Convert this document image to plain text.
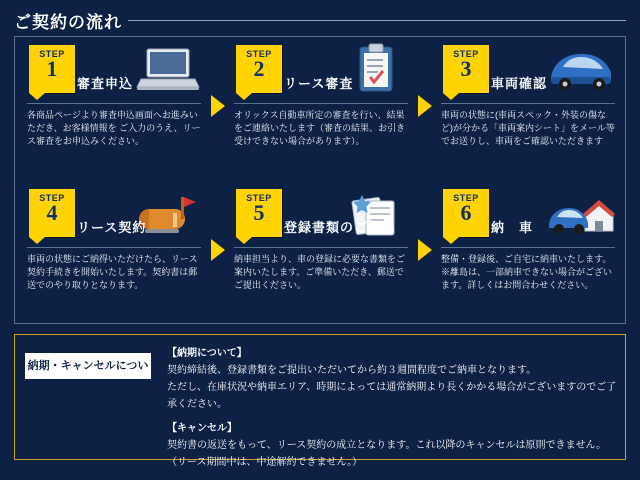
ご契約の流れ
STEP
1
審査申込
各商品ページより審査申込画面へお進みいただき、お客様情報を ご入力のうえ、リース審査をお申込みください。
STEP
2
リース審査
オリックス自動車所定の審査を行い、結果をご連絡いたします（審査の結果、お引き受けできない場合があります）。
STEP
3
車両確認
車両の状態に(車両スペック・外装の傷など)が分かる「車両案内シート」をメール等でお送りし、車両をご確認いただきます
STEP
4
リース契約
車両の状態にご納得いただけたら、リース契約手続きを開始いたします。契約書は郵送でのやり取りとなります。
STEP
5
登録書類のご提出
納車担当より、車の登録に必要な書類をご案内いたします。ご準備いただき、郵送でご提出ください。
STEP
6
納　車
整備・登録後、ご自宅に納車いたします。※離島は、一部納車できない場合がございます。詳しくはお問合わせください。
納期・キャンセルについて

【納期について】

契約締結後、登録書類をご提出いただいてから約３週間程度でご納車となります。

ただし、在庫状況や納車エリア、時期によっては通常納期より長くかかる場合がございますのでご了承ください。

【キャンセル】

契約書の返送をもって、リース契約の成立となります。これ以降のキャンセルは原則できません。

（リース期間中は、中途解約できません。）
